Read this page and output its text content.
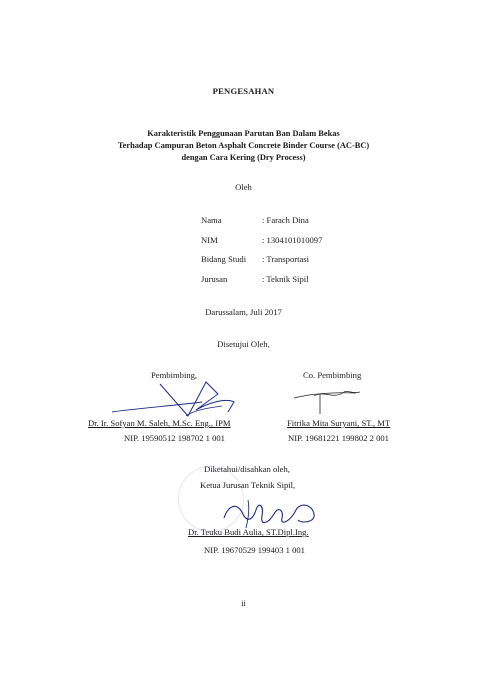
PENGESAHAN
Karakteristik Penggunaan Parutan Ban Dalam Bekas
Terhadap Campuran Beton Asphalt Concrete Binder Course (AC-BC)
dengan Cara Kering (Dry Process)
Oleh
Nama	: Farach Dina
NIM	: 1304101010097
Bidang Studi : Transportasi
Jurusan	: Teknik Sipil
Darussalam, Juli 2017
Disetujui Oleh,
Pembimbing,
Dr. Ir. Sofyan M. Saleh, M.Sc. Eng., IPM
NIP. 19590512 198702 1 001
Co. Pembimbing
Fitrika Mita Suryani, ST., MT
NIP. 19681221 199802 2 001
Diketahui/disahkan oleh,
Ketua Jurusan Teknik Sipil,
Dr. Teuku Budi Aulia, ST.Dipl.Ing.
NIP. 19670529 199403 1 001
ii
